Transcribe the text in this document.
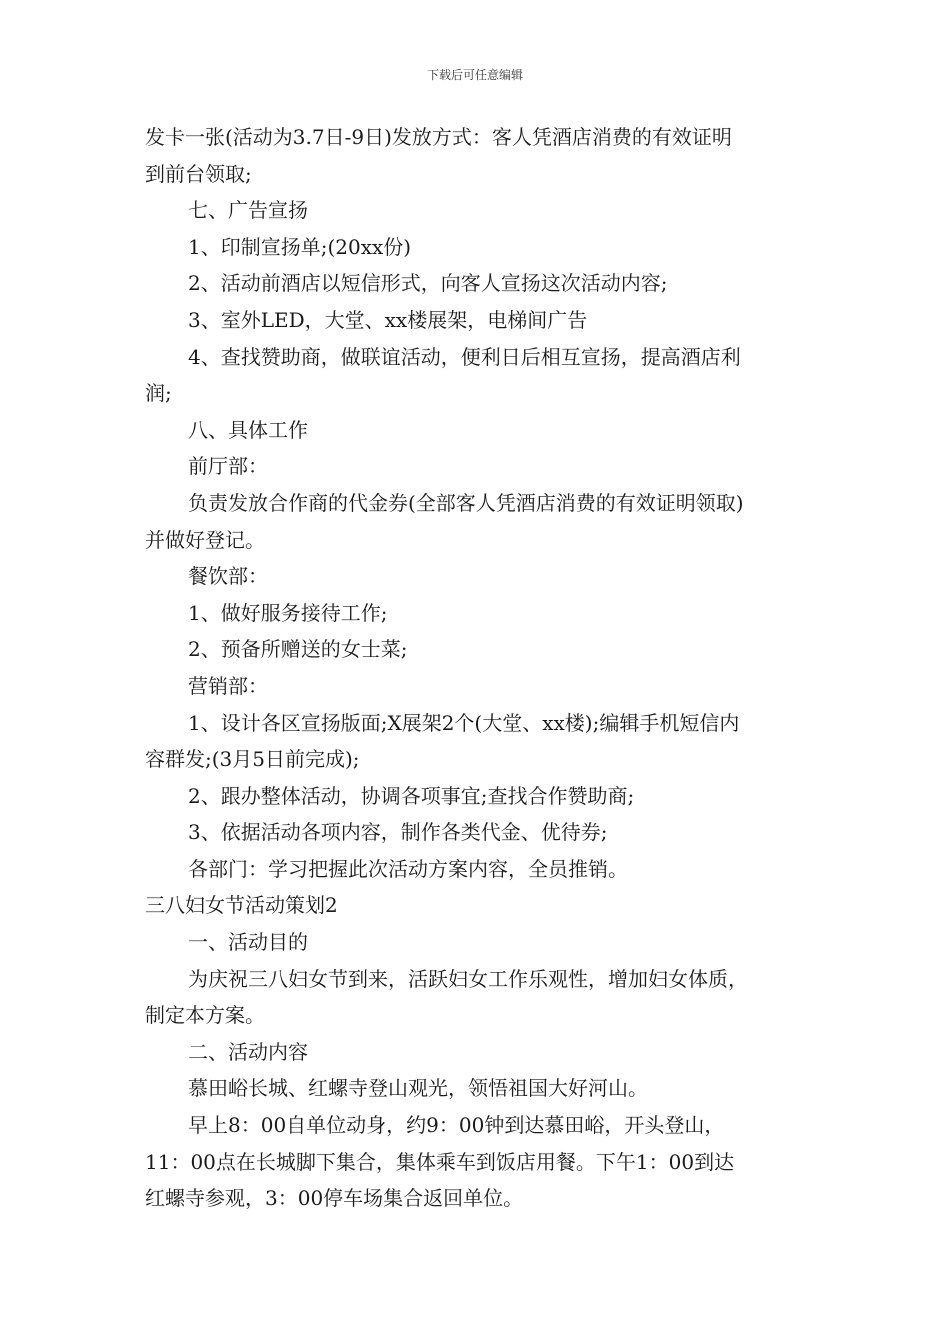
下载后可任意编辑
发卡一张(活动为3.7日-9日)发放方式：客人凭酒店消费的有效证明
到前台领取;
七、广告宣扬
1、印制宣扬单;(20xx份)
2、活动前酒店以短信形式，向客人宣扬这次活动内容;
3、室外LED，大堂、xx楼展架，电梯间广告
4、查找赞助商，做联谊活动，便利日后相互宣扬，提高酒店利
润;
八、具体工作
前厅部：
负责发放合作商的代金券(全部客人凭酒店消费的有效证明领取)
并做好登记。
餐饮部：
1、做好服务接待工作;
2、预备所赠送的女士菜;
营销部：
1、设计各区宣扬版面;X展架2个(大堂、xx楼);编辑手机短信内
容群发;(3月5日前完成);
2、跟办整体活动，协调各项事宜;查找合作赞助商;
3、依据活动各项内容，制作各类代金、优待券;
各部门：学习把握此次活动方案内容，全员推销。
三八妇女节活动策划2
一、活动目的
为庆祝三八妇女节到来，活跃妇女工作乐观性，增加妇女体质，
制定本方案。
二、活动内容
慕田峪长城、红螺寺登山观光，领悟祖国大好河山。
早上8：00自单位动身，约9：00钟到达慕田峪，开头登山，
11：00点在长城脚下集合，集体乘车到饭店用餐。下午1：00到达
红螺寺参观，3：00停车场集合返回单位。
